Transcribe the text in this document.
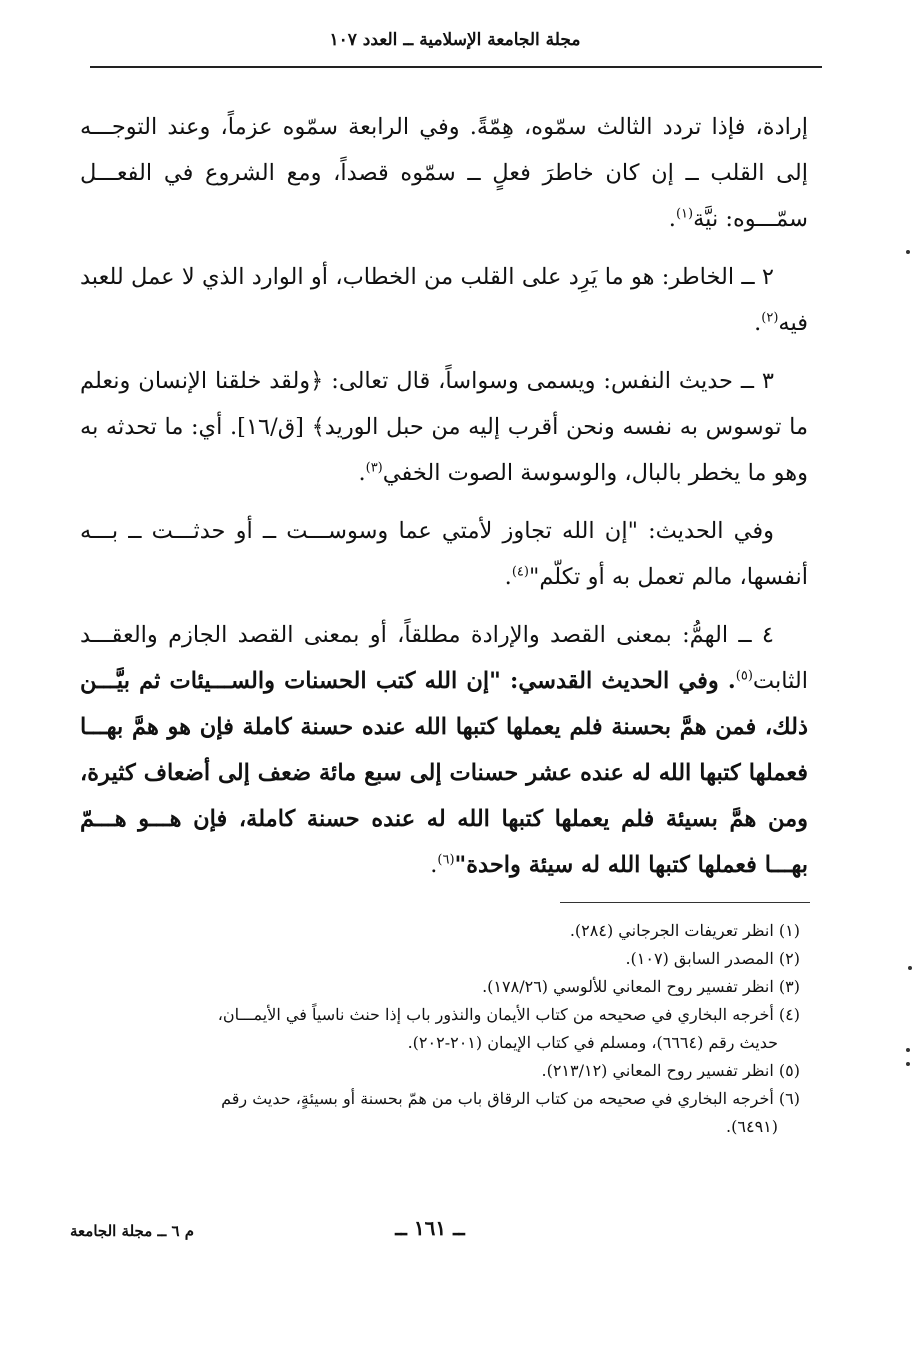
مجلة الجامعة الإسلامية ــ العدد ١٠٧

إرادة، فإذا تردد الثالث سمّوه، هِمّةً. وفي الرابعة سمّوه عزماً، وعند التوجـــه إلى القلب ــ إن كان خاطرَ فعلٍ ــ سمّوه قصداً، ومع الشروع في الفعـــل سمّـــوه: نيَّة$^{(١)}$.

٢ ــ الخاطر: هو ما يَرِد على القلب من الخطاب، أو الوارد الذي لا عمل للعبد فيه$^{(٢)}$.

٣ ــ حديث النفس: ويسمى وسواساً، قال تعالى: ﴿ولقد خلقنا الإنسان ونعلم ما توسوس به نفسه ونحن أقرب إليه من حبل الوريد﴾ [ق/١٦]. أي: ما تحدثه به وهو ما يخطر بالبال، والوسوسة الصوت الخفي$^{(٣)}$.

وفي الحديث: "إن الله تجاوز لأمتي عما وسوســـت ــ أو حدثـــت ــ بـــه أنفسها، مالم تعمل به أو تكلّم"$^{(٤)}$.

٤ ــ الهمُّ: بمعنى القصد والإرادة مطلقاً، أو بمعنى القصد الجازم والعقـــد الثابت$^{(٥)}$. وفي الحديث القدسي: "إن الله كتب الحسنات والســـيئات ثم بيَّـــن ذلك، فمن همَّ بحسنة فلم يعملها كتبها الله عنده حسنة كاملة فإن هو همَّ بهـــا فعملها كتبها الله له عنده عشر حسنات إلى سبع مائة ضعف إلى أضعاف كثيرة، ومن همَّ بسيئة فلم يعملها كتبها الله له عنده حسنة كاملة، فإن هـــو هـــمّ بهـــا فعملها كتبها الله له سيئة واحدة"$^{(٦)}$.

(١) انظر تعريفات الجرجاني (٢٨٤).

(٢) المصدر السابق (١٠٧).

(٣) انظر تفسير روح المعاني للألوسي (١٧٨/٢٦).

(٤) أخرجه البخاري في صحيحه من كتاب الأيمان والنذور باب إذا حنث ناسياً في الأيمـــان،

حديث رقم (٦٦٦٤)، ومسلم في كتاب الإيمان (٢٠١-٢٠٢).

(٥) انظر تفسير روح المعاني (٢١٣/١٢).

(٦) أخرجه البخاري في صحيحه من كتاب الرقاق باب من همّ بحسنة أو بسيئةٍ، حديث رقم

(٦٤٩١).

م ٦ ــ مجلة الجامعة	ــ ١٦١ ــ
